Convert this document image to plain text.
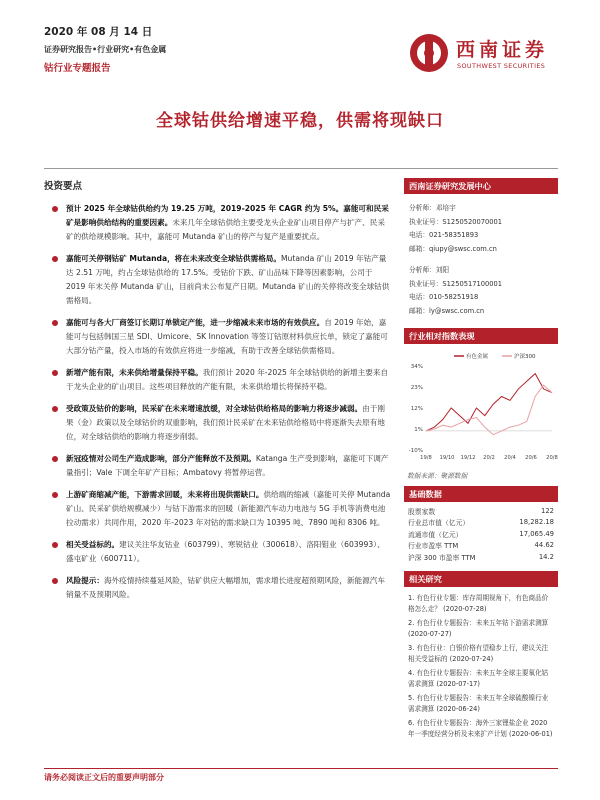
2020 年 08 月 14 日
证券研究报告•行业研究•有色金属
钴行业专题报告
西南证券
SOUTHWEST SECURITIES
全球钴供给增速平稳，供需将现缺口
投资要点
预计 2025 年全球钴供给约为 19.25 万吨，2019-2025 年 CAGR 约为 5%。嘉能可和民采矿是影响供给结构的重要因素。未来几年全球钴供给主要受龙头企业矿山项目停产与扩产、民采矿的供给规模影响。其中，嘉能可 Mutanda 矿山的停产与复产是重要扰点。
嘉能可关停钢钴矿 Mutanda，将在未来改变全球钴供需格局。Mutanda 矿山 2019 年钴产量达 2.51 万吨，约占全球钴供给的 17.5%。受钴价下跌、矿山品味下降等因素影响，公司于 2019 年末关停 Mutanda 矿山，目前尚未公布复产日期。Mutanda 矿山的关停将改变全球钴供需格局。
嘉能可与各大厂商签订长期订单锁定产能，进一步缩减未来市场的有效供应。自 2019 年始，嘉能可与包括韩国三星 SDI、Umicore、SK Innovation 等签订钴原材料供应长单，锁定了嘉能可大部分钴产量，投入市场的有效供应将进一步缩减，有助于改善全球钴供需格局。
新增产能有限，未来供给增量保持平稳。我们预计 2020 年-2025 年全球钴供给的新增主要来自于龙头企业的矿山项目。这些项目释放的产能有限，未来供给增长将保持平稳。
受政策及钴价的影响，民采矿在未来增速放缓，对全球钴供给格局的影响力将逐步减弱。由于刚果（金）政策以及全球钴价的双重影响，我们预计民采矿在未来钴供给格局中将逐渐失去原有地位，对全球钴供给的影响力将逐步削弱。
新冠疫情对公司生产造成影响，部分产能释放不及预期。Katanga 生产受到影响，嘉能可下调产量指引；Vale 下调全年矿产目标；Ambatovy 将暂停运营。
上游矿商缩减产能，下游需求回暖，未来将出现供需缺口。供给端的缩减（嘉能可关停 Mutanda 矿山、民采矿供给规模减少）与钴下游需求的回暖（新能源汽车动力电池与 5G 手机等消费电池拉动需求）共同作用，2020 年-2023 年对钴的需求缺口为 10395 吨、7890 吨和 8306 吨。
相关受益标的。建议关注华友钴业（603799）、寒锐钴业（300618）、洛阳钼业（603993）、盛屯矿业（600711）。
风险提示：海外疫情持续蔓延风险，钴矿供应大幅增加，需求增长进度超预期风险，新能源汽车销量不及预期风险。
西南证券研究发展中心
分析师：邓培宇
执业证号：S1250520070001
电话：021-58351893
邮箱：qiupy@swsc.com.cn
分析师：刘阳
执业证号：S1250517100001
电话：010-58251918
邮箱：ly@swsc.com.cn
行业相对指数表现
34%
23%
12%
1%
-10%
19/8 19/10 19/12 20/2 20/4 20/6 20/8
有色金属	沪深300
数据来源：聚源数据
基础数据
股票家数	122
行业总市值（亿元）	18,282.18
流通市值（亿元）	17,065.49
行业市盈率 TTM	44.62
沪深 300 市盈率 TTM	14.2
相关研究
1. 有色行业专题：库存周期视角下，有色商品价格怎么走？ (2020-07-28)
2. 有色行业专题报告：未来五年钴下游需求测算 (2020-07-27)
3. 有色行业：白银价格有望稳步上行，建议关注相关受益标的 (2020-07-24)
4. 有色行业专题报告：未来五年全球主要氧化钴需求测算 (2020-07-17)
5. 有色行业专题报告：未来五年全球硫酸镍行业需求测算 (2020-06-24)
6. 有色行业专题报告：海外三家锂盐企业 2020 年一季度经营分析及未来扩产计划 (2020-06-01)
请务必阅读正文后的重要声明部分
